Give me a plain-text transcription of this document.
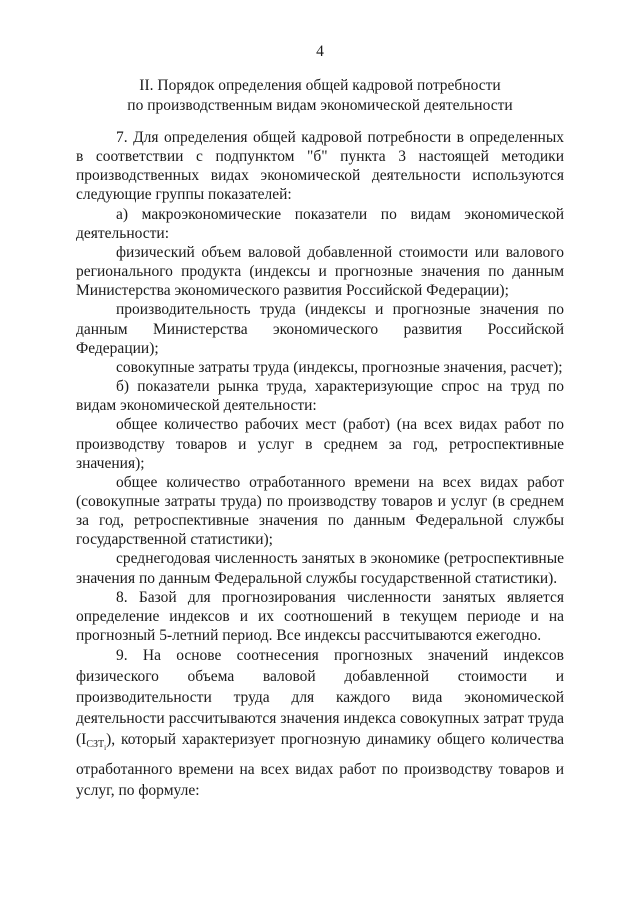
4
II. Порядок определения общей кадровой потребности
по производственным видам экономической деятельности

7. Для определения общей кадровой потребности в определенных в соответствии с подпунктом "б" пункта 3 настоящей методики производственных видах экономической деятельности используются следующие группы показателей:

а) макроэкономические показатели по видам экономической деятельности:

физический объем валовой добавленной стоимости или валового регионального продукта (индексы и прогнозные значения по данным Министерства экономического развития Российской Федерации);

производительность труда (индексы и прогнозные значения по данным Министерства экономического развития Российской Федерации);

совокупные затраты труда (индексы, прогнозные значения, расчет);

б) показатели рынка труда, характеризующие спрос на труд по видам экономической деятельности:

общее количество рабочих мест (работ) (на всех видах работ по производству товаров и услуг в среднем за год, ретроспективные значения);

общее количество отработанного времени на всех видах работ (совокупные затраты труда) по производству товаров и услуг (в среднем за год, ретроспективные значения по данным Федеральной службы государственной статистики);

среднегодовая численность занятых в экономике (ретроспективные значения по данным Федеральной службы государственной статистики).

8. Базой для прогнозирования численности занятых является определение индексов и их соотношений в текущем периоде и на прогнозный 5-летний период. Все индексы рассчитываются ежегодно.

9. На основе соотнесения прогнозных значений индексов физического объема валовой добавленной стоимости и производительности труда для каждого вида экономической деятельности рассчитываются значения индекса совокупных затрат труда $(I_{СЗТ_i})$, который характеризует прогнозную динамику общего количества отработанного времени на всех видах работ по производству товаров и услуг, по формуле:
